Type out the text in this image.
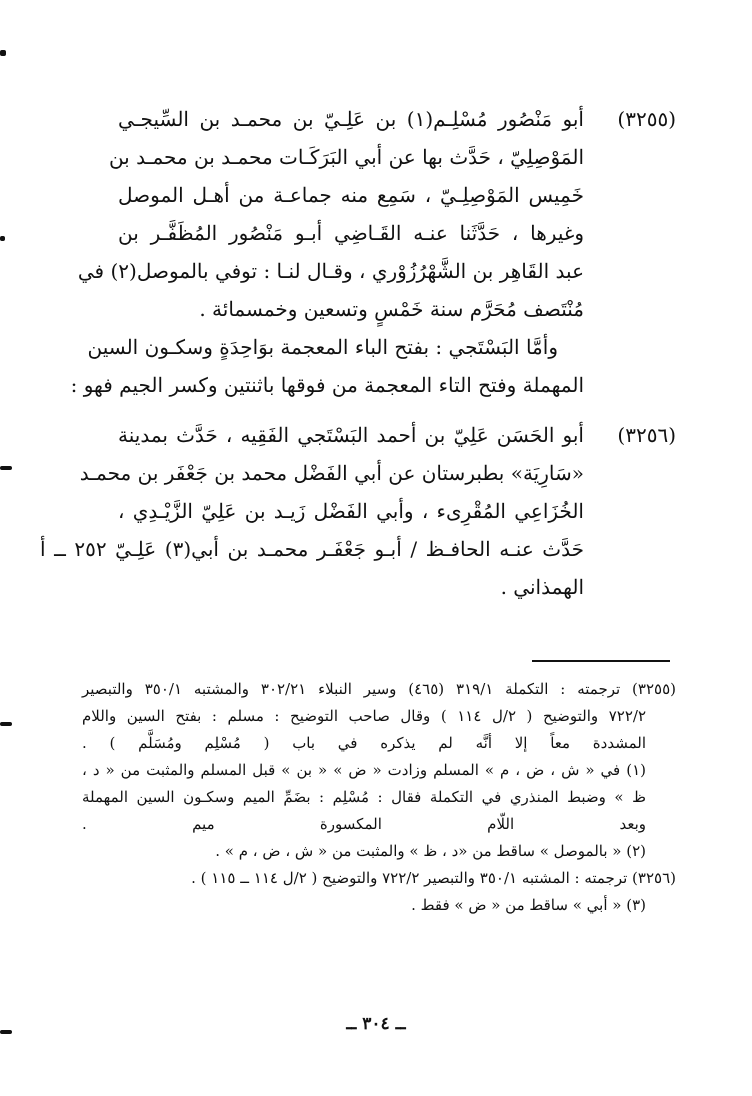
(٣٢٥٥)
أبو مَنْصُور مُسْلِـم(١) بن عَلِـيّ بن محمـد بن السِّيجـي
المَوْصِلِيّ ، حَدَّث بها عن أبي البَرَكَـات محمـد بن محمـد بن
خَمِيس المَوْصِلِـيّ ، سَمِع منه جماعـة من أهـل الموصل
وغيرها ، حَدَّثَنا عنـه القَـاضِي أبـو مَنْصُور المُظَفَّـر بن
عبد القَاهِر بن الشَّهْرُزُوْري ، وقـال لنـا : توفي بالموصل(٢) في
مُنْتَصف مُحَرَّم سنة خَمْسٍ وتسعين وخمسمائة .
وأمَّا البَسْتَجي : بفتح الباء المعجمة بوَاحِدَةٍ وسكـون السين
المهملة وفتح التاء المعجمة من فوقها باثنتين وكسر الجيم فهو :
(٣٢٥٦)
أبو الحَسَن عَلِيّ بن أحمد البَسْتَجي الفَقِيه ، حَدَّث بمدينة
«سَارِيَة» بطبرستان عن أبي الفَضْل محمد بن جَعْفَر بن محمـد
الخُزَاعِي المُقْرِىء ، وأبي الفَضْل زَيـد بن عَلِيّ الزَّيْـدِي ،
حَدَّث عنـه الحافـظ / أبـو جَعْفَـر محمـد بن أبي(٣) عَلِـيّ ٢٥٢ ــ أ
الهمذاني .
(٣٢٥٥) ترجمته : التكملة ٣١٩/١ (٤٦٥) وسير النبلاء ٣٠٢/٢١ والمشتبه ٣٥٠/١ والتبصير
٧٢٢/٢ والتوضيح ( ٢/ل ١١٤ ) وقال صاحب التوضيح : مسلم : بفتح السين واللام
المشددة معاً إلا أنَّه لم يذكره في باب ( مُسْلِم ومُسَلَّم ) .
(١) في « ش ، ض ، م » المسلم وزادت « ض » « بن » قبل المسلم والمثبت من « د ،
ظ » وضبط المنذري في التكملة فقال : مُسْلِم : بضَمِّ الميم وسكـون السين المهملة
وبعد اللّام المكسورة ميم .
(٢) « بالموصل » ساقط من «د ، ظ » والمثبت من « ش ، ض ، م » .
(٣٢٥٦) ترجمته : المشتبه ٣٥٠/١ والتبصير ٧٢٢/٢ والتوضيح ( ٢/ل ١١٤ ــ ١١٥ ) .
(٣) « أبي » ساقط من « ض » فقط .
ــ ٣٠٤ ــ
